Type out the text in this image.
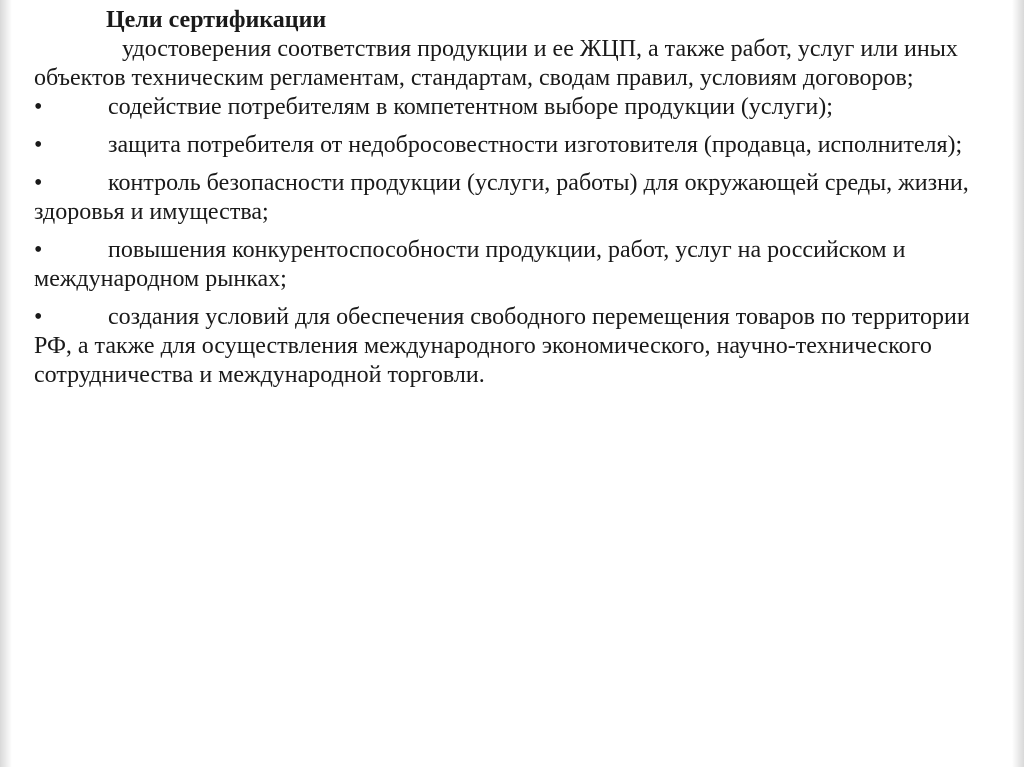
Цели сертификации

удостоверения соответствия продукции и ее ЖЦП, а также работ, услуг или иных объектов техническим регламентам, стандартам, сводам правил, условиям договоров;

•	содействие потребителям в компетентном выборе продукции (услуги);
•	защита потребителя от недобросовестности изготовителя (продавца, исполнителя);
•	контроль безопасности продукции (услуги, работы) для окружающей среды, жизни, здоровья и имущества;
•	повышения конкурентоспособности продукции, работ, услуг на российском и международном рынках;
•	создания условий для обеспечения свободного перемещения товаров по территории РФ, а также для осуществления международного экономического, научно-технического сотрудничества и международной торговли.
